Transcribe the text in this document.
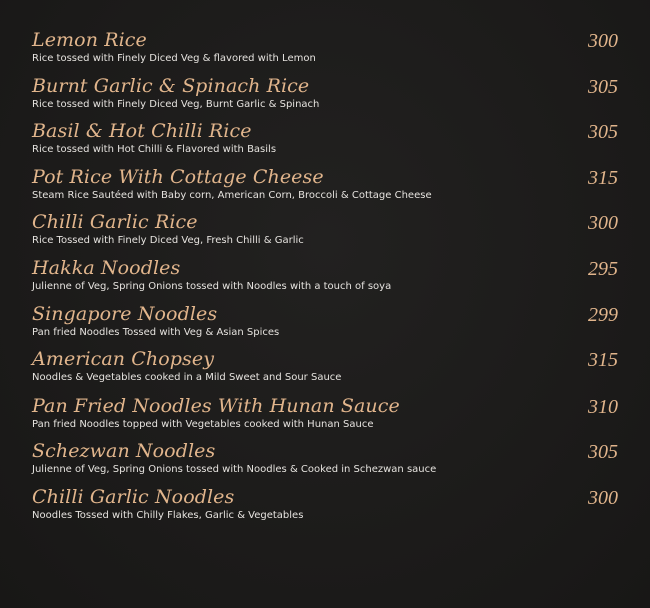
Lemon Rice	300
Rice tossed with Finely Diced Veg & flavored with Lemon
Burnt Garlic & Spinach Rice	305
Rice tossed with Finely Diced Veg, Burnt Garlic & Spinach
Basil & Hot Chilli Rice	305
Rice tossed with Hot Chilli & Flavored with Basils
Pot Rice With Cottage Cheese	315
Steam Rice Sautéed with Baby corn, American Corn, Broccoli & Cottage Cheese
Chilli Garlic Rice	300
Rice Tossed with Finely Diced Veg, Fresh Chilli & Garlic
Hakka Noodles	295
Julienne of Veg, Spring Onions tossed with Noodles with a touch of soya
Singapore Noodles	299
Pan fried Noodles Tossed with Veg & Asian Spices
American Chopsey	315
Noodles & Vegetables cooked in a Mild Sweet and Sour Sauce
Pan Fried Noodles With Hunan Sauce	310
Pan fried Noodles topped with Vegetables cooked with Hunan Sauce
Schezwan Noodles	305
Julienne of Veg, Spring Onions tossed with Noodles & Cooked in Schezwan sauce
Chilli Garlic Noodles	300
Noodles Tossed with Chilly Flakes, Garlic & Vegetables
